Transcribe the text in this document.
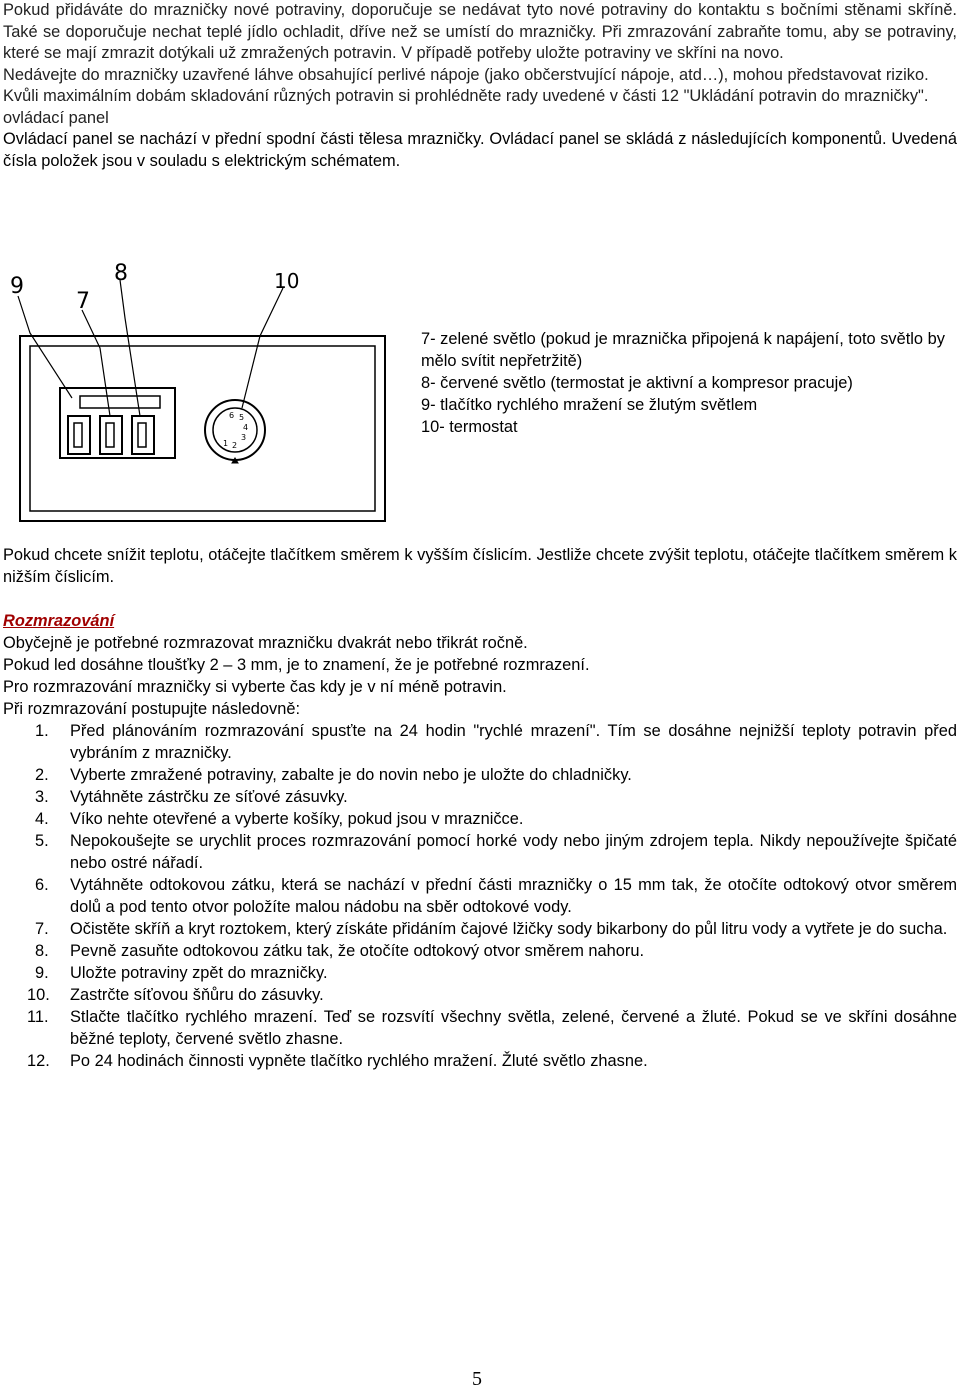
Pokud přidáváte do mrazničky nové potraviny, doporučuje se nedávat tyto nové potraviny do kontaktu s bočními stěnami skříně. Také se doporučuje nechat teplé jídlo ochladit, dříve než se umístí do mrazničky. Při zmrazování zabraňte tomu, aby se potraviny, které se mají zmrazit dotýkali už zmražených potravin. V případě potřeby uložte potraviny ve skříni na novo.

Nedávejte do mrazničky uzavřené láhve obsahující perlivé nápoje (jako občerstvující nápoje, atd…), mohou představovat riziko.

Kvůli maximálním dobám skladování různých potravin si prohlédněte rady uvedené v části 12 "Ukládání potravin do mrazničky".

ovládací panel

Ovládací panel se nachází v přední spodní části tělesa mrazničky. Ovládací panel se skládá z následujících komponentů. Uvedená čísla položek jsou v souladu s elektrickým schématem.

9
7
8	10
1 2
3
4
5
6

7- zelené světlo (pokud je mraznička připojená k napájení, toto světlo by mělo svítit nepřetržitě)

8- červené světlo (termostat je aktivní a kompresor pracuje)

9- tlačítko rychlého mražení se žlutým světlem

10- termostat

Pokud chcete snížit teplotu, otáčejte tlačítkem směrem k vyšším číslicím. Jestliže chcete zvýšit teplotu, otáčejte tlačítkem směrem k nižším číslicím.

Rozmrazování

Obyčejně je potřebné rozmrazovat mrazničku dvakrát nebo třikrát ročně.

Pokud led dosáhne tloušťky 2 – 3 mm, je to znamení, že je potřebné rozmrazení.

Pro rozmrazování mrazničky si vyberte čas kdy je v ní méně potravin.

Při rozmrazování postupujte následovně:

1. Před plánováním rozmrazování spusťte na 24 hodin "rychlé mrazení". Tím se dosáhne nejnižší teploty potravin před vybráním z mrazničky.
2. Vyberte zmražené potraviny, zabalte je do novin nebo je uložte do chladničky.
3. Vytáhněte zástrčku ze síťové zásuvky.
4. Víko nehte otevřené a vyberte košíky, pokud jsou v mrazničce.
5. Nepokoušejte se urychlit proces rozmrazování pomocí horké vody nebo jiným zdrojem tepla. Nikdy nepoužívejte špičaté nebo ostré nářadí.
6. Vytáhněte odtokovou zátku, která se nachází v přední části mrazničky o 15 mm tak, že otočíte odtokový otvor směrem dolů a pod tento otvor položíte malou nádobu na sběr odtokové vody.
7. Očistěte skříň a kryt roztokem, který získáte přidáním čajové lžičky sody bikarbony do půl litru vody a vytřete je do sucha.
8. Pevně zasuňte odtokovou zátku tak, že otočíte odtokový otvor směrem nahoru.
9. Uložte potraviny zpět do mrazničky.
10. Zastrčte síťovou šňůru do zásuvky.
11. Stlačte tlačítko rychlého mrazení. Teď se rozsvítí všechny světla, zelené, červené a žluté. Pokud se ve skříni dosáhne běžné teploty, červené světlo zhasne.
12. Po 24 hodinách činnosti vypněte tlačítko rychlého mražení. Žluté světlo zhasne.
5
